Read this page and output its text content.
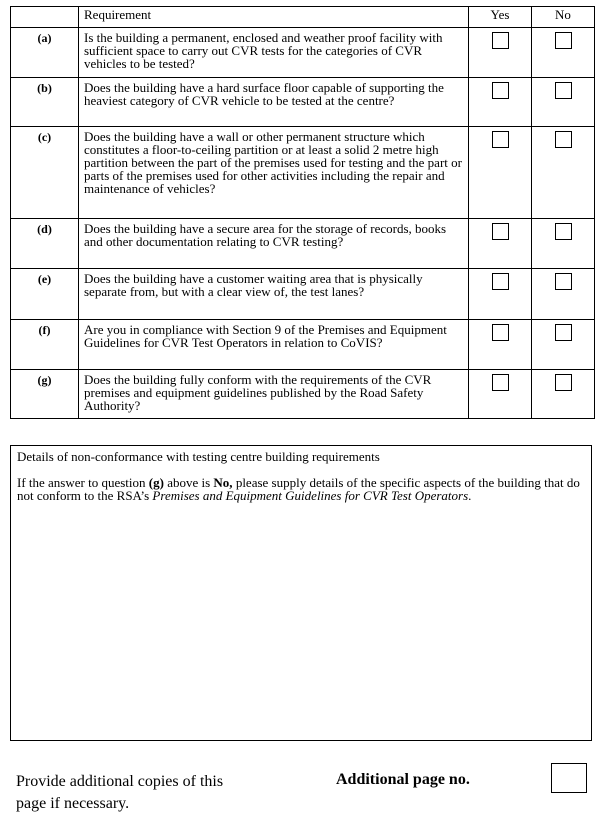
	Requirement	Yes	No
(a)	Is the building a permanent, enclosed and weather proof facility with sufficient space to carry out CVR tests for the categories of CVR vehicles to be tested?		
(b)	Does the building have a hard surface floor capable of supporting the heaviest category of CVR vehicle to be tested at the centre?		
(c)	Does the building have a wall or other permanent structure which constitutes a floor-to-ceiling partition or at least a solid 2 metre high partition between the part of the premises used for testing and the part or parts of the premises used for other activities including the repair and maintenance of vehicles?		
(d)	Does the building have a secure area for the storage of records, books and other documentation relating to CVR testing?		
(e)	Does the building have a customer waiting area that is physically separate from, but with a clear view of, the test lanes?		
(f)	Are you in compliance with Section 9 of the Premises and Equipment Guidelines for CVR Test Operators in relation to CoVIS?		
(g)	Does the building fully conform with the requirements of the CVR premises and equipment guidelines published by the Road Safety Authority?		
Details of non-conformance with testing centre building requirements
If the answer to question (g) above is No, please supply details of the specific aspects of the building that do not conform to the RSA’s Premises and Equipment Guidelines for CVR Test Operators.
Provide additional copies of this
page if necessary.
Additional page no.
